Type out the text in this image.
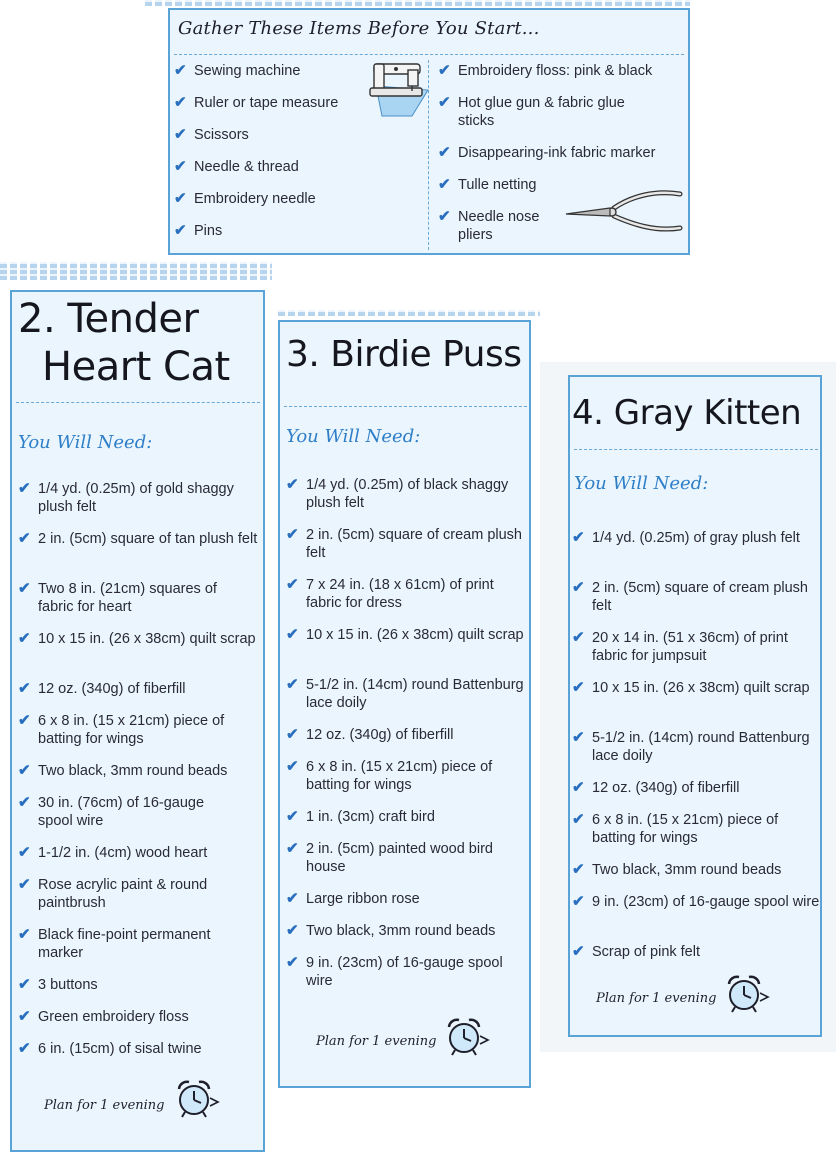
Gather These Items Before You Start...
✔ Sewing machine
✔ Ruler or tape measure
✔ Scissors
✔ Needle & thread
✔ Embroidery needle
✔ Pins
✔ Embroidery floss: pink & black
✔ Hot glue gun & fabric glue sticks
✔ Disappearing-ink fabric marker
✔ Tulle netting
✔ Needle nose pliers
2. Tender
Heart Cat
You Will Need:
✔ 1/4 yd. (0.25m) of gold shaggy plush felt
✔ 2 in. (5cm) square of tan plush felt
✔ Two 8 in. (21cm) squares of fabric for heart
✔ 10 x 15 in. (26 x 38cm) quilt scrap
✔ 12 oz. (340g) of fiberfill
✔ 6 x 8 in. (15 x 21cm) piece of batting for wings
✔ Two black, 3mm round beads
✔ 30 in. (76cm) of 16-gauge spool wire
✔ 1-1/2 in. (4cm) wood heart
✔ Rose acrylic paint & round paintbrush
✔ Black fine-point permanent marker
✔ 3 buttons
✔ Green embroidery floss
✔ 6 in. (15cm) of sisal twine
Plan for 1 evening
3. Birdie Puss
You Will Need:
✔ 1/4 yd. (0.25m) of black shaggy plush felt
✔ 2 in. (5cm) square of cream plush felt
✔ 7 x 24 in. (18 x 61cm) of print fabric for dress
✔ 10 x 15 in. (26 x 38cm) quilt scrap
✔ 5-1/2 in. (14cm) round Battenburg lace doily
✔ 12 oz. (340g) of fiberfill
✔ 6 x 8 in. (15 x 21cm) piece of batting for wings
✔ 1 in. (3cm) craft bird
✔ 2 in. (5cm) painted wood bird house
✔ Large ribbon rose
✔ Two black, 3mm round beads
✔ 9 in. (23cm) of 16-gauge spool wire
Plan for 1 evening
4. Gray Kitten
You Will Need:
✔ 1/4 yd. (0.25m) of gray plush felt
✔ 2 in. (5cm) square of cream plush felt
✔ 20 x 14 in. (51 x 36cm) of print fabric for jumpsuit
✔ 10 x 15 in. (26 x 38cm) quilt scrap
✔ 5-1/2 in. (14cm) round Battenburg lace doily
✔ 12 oz. (340g) of fiberfill
✔ 6 x 8 in. (15 x 21cm) piece of batting for wings
✔ Two black, 3mm round beads
✔ 9 in. (23cm) of 16-gauge spool wire
✔ Scrap of pink felt
Plan for 1 evening
